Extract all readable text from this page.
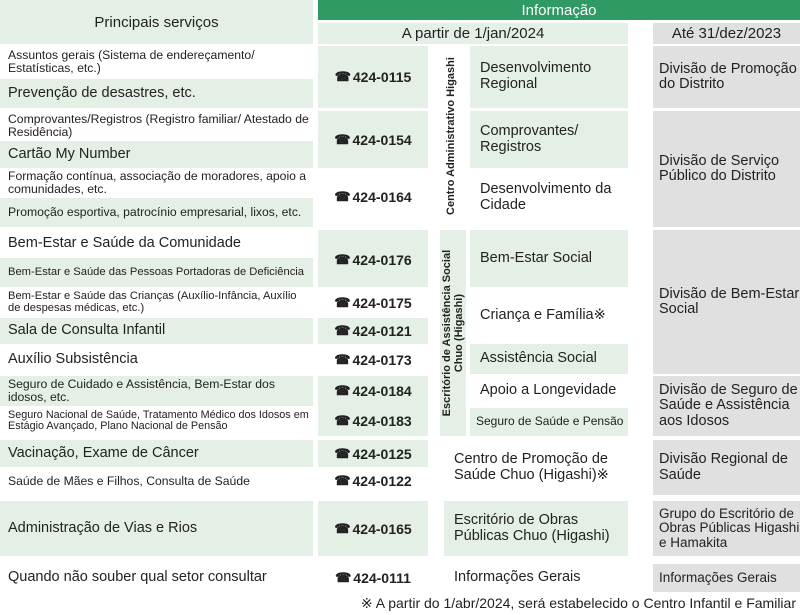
Principais serviços
Informação
A partir de 1/jan/2024	Até 31/dez/2023
Assuntos gerais (Sistema de endereçamento/ Estatísticas, etc.)
Prevenção de desastres, etc.
Comprovantes/Registros (Registro familiar/ Atestado de Residência)
Cartão My Number
Formação contínua, associação de moradores, apoio a comunidades, etc.
Promoção esportiva, patrocínio empresarial, lixos, etc.
Bem-Estar e Saúde da Comunidade
Bem-Estar e Saúde das Pessoas Portadoras de Deficiência
Bem-Estar e Saúde das Crianças (Auxílio-Infância, Auxílio de despesas médicas, etc.)
Sala de Consulta Infantil
Auxílio Subsistência
Seguro de Cuidado e Assistência, Bem-Estar dos idosos, etc.
Seguro Nacional de Saúde, Tratamento Médico dos Idosos em Estágio Avançado, Plano Nacional de Pensão
Vacinação, Exame de Câncer
Saúde de Mães e Filhos, Consulta de Saúde
Administração de Vias e Rios
Quando não souber qual setor consultar
☎ 424-0115
☎ 424-0154
☎ 424-0164
☎ 424-0176
☎ 424-0175
☎ 424-0121
☎ 424-0173
☎ 424-0184
☎ 424-0183
☎ 424-0125
☎ 424-0122
☎ 424-0165
☎ 424-0111
Centro Administrativo Higashi
Escritório de Assistência Social Chuo (Higashi)
Desenvolvimento Regional
Comprovantes/ Registros
Desenvolvimento da Cidade
Bem-Estar Social
Criança e Família※
Assistência Social
Apoio a Longevidade
Seguro de Saúde e Pensão
Centro de Promoção de Saúde Chuo (Higashi)※
Escritório de Obras Públicas Chuo (Higashi)
Informações Gerais
Divisão de Promoção do Distrito
Divisão de Serviço Público do Distrito
Divisão de Bem-Estar Social
Divisão de Seguro de Saúde e Assistência aos Idosos
Divisão Regional de Saúde
Grupo do Escritório de Obras Públicas Higashi e Hamakita
Informações Gerais
※ A partir do 1/abr/2024, será estabelecido o Centro Infantil e Familiar
